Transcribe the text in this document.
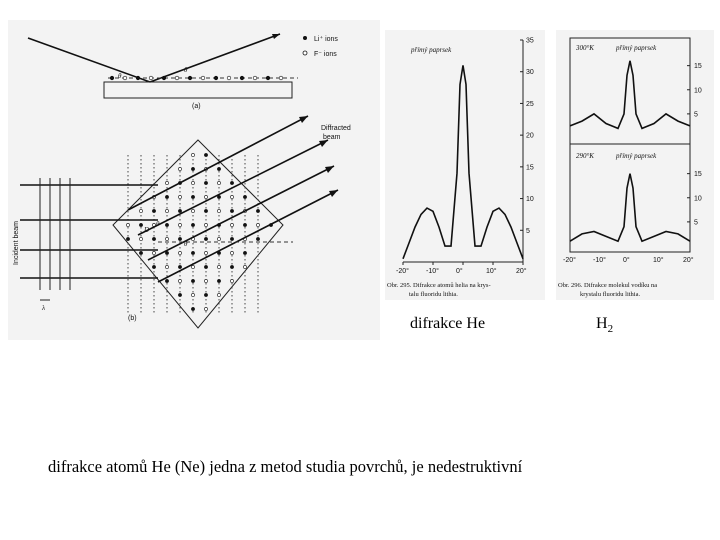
θ
θ
Li⁺ ions
F⁻ ions
(a)
λ
Incident beam	D
θ
θ
Diffracted
beam
(b)
přímý paprsek
5
10
15
20
25
30
35
-20° -10° 0°	10°	20°
Obr. 295. Difrakce atomů helia na krys-
talu fluoridu lithia.
300°K	přímý paprsek
290°K	přímý paprsek
5
10
15
5
10
15
-20° -10° 0°	10°	20°
Obr. 296. Difrakce molekul vodíku na
krystalu fluoridu lithia.
difrakce He	$H_2$
difrakce atomů He (Ne) jedna z metod studia povrchů, je nedestruktivní
